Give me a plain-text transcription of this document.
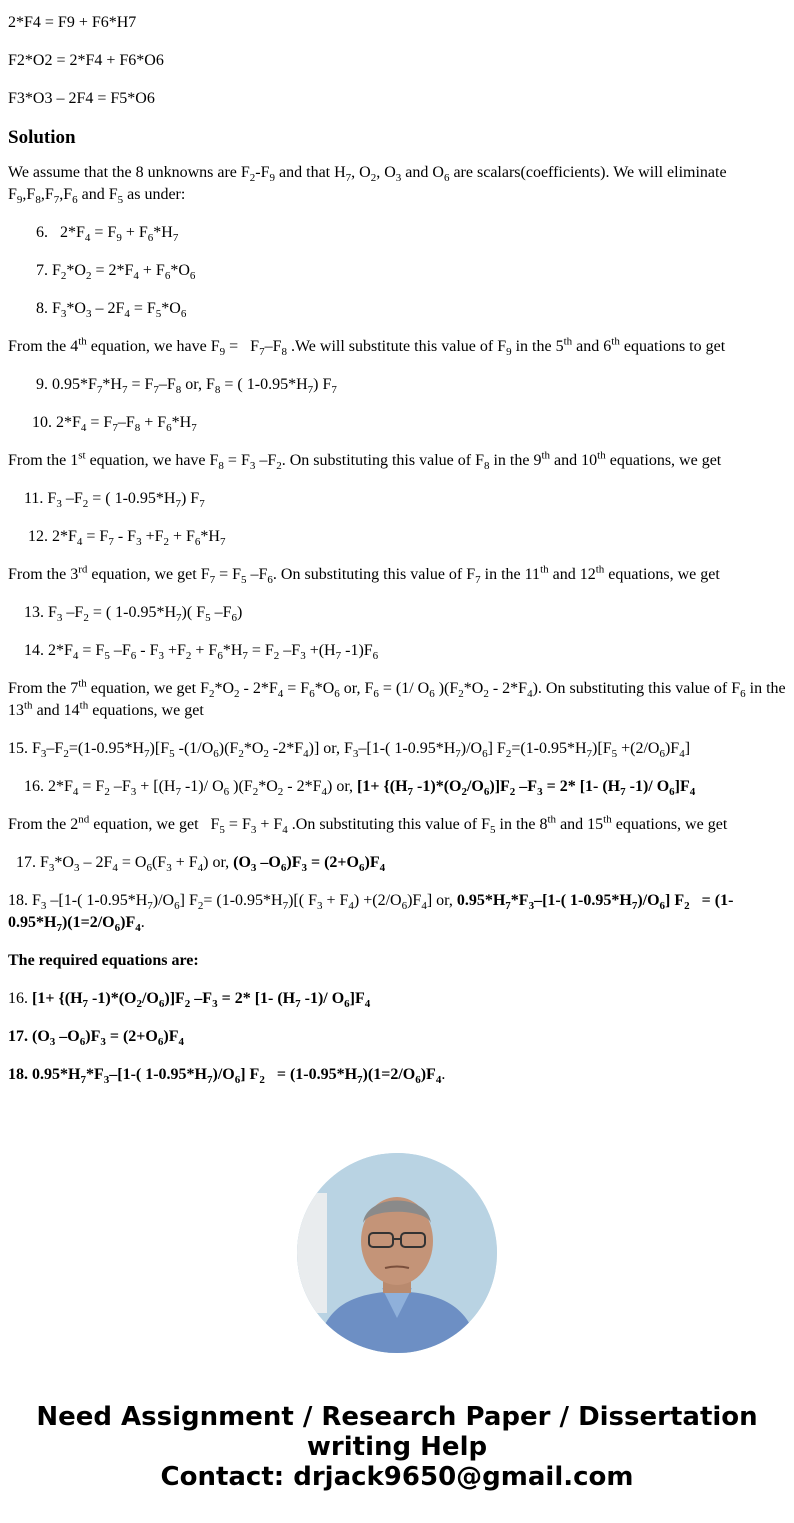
2*F4 = F9 + F6*H7

F2*O2 = 2*F4 + F6*O6

F3*O3 – 2F4 = F5*O6

Solution

We assume that the 8 unknowns are $F_2-F_9$ and that $H_7$, $O_2$, $O_3$ and $O_6$ are scalars(coefficients). We will eliminate $F_9,F_8,F_7,F_6$ and $F_5$ as under:

6.   $2*F_4 = F_9 + F_6*H_7$

7. $F_2*O_2 = 2*F_4 + F_6*O_6$

8. $F_3*O_3 - 2F_4 = F_5*O_6$

From the 4th equation, we have $F_9 = F_7-F_8$ .We will substitute this value of $F_9$ in the 5th and 6th equations to get

9. $0.95*F_7*H_7 = F_7-F_8$ or, $F_8$ = ( $1-0.95*H_7$) $F_7$

10. $2*F_4 = F_7-F_8 + F_6*H_7$

From the 1st equation, we have $F_8 = F_3$ $-F_2$. On substituting this value of $F_8$ in the 9th and 10th equations, we get

11. $F_3$ $-F_2$ = ( $1-0.95*H_7$) $F_7$

12. $2*F_4 = F_7 - F_3 +F_2 + F_6*H_7$

From the 3rd equation, we get $F_7 = F_5$ $-F_6$. On substituting this value of $F_7$ in the 11th and 12th equations, we get

13. $F_3$ $-F_2$ = ( $1-0.95*H_7$)( $F_5$ $-F_6$)

14. $2*F_4 = F_5$ $-F_6 - F_3 +F_2 + F_6*H_7 = F_2$ $-F_3 +(H_7$ $-1)F_6$

From the 7th equation, we get $F_2*O_2 - 2*F_4 = F_6*O_6$ or, $F_6 = (1/$ $O_6$ )$(F_2*O_2 - 2*F_4)$. On substituting this value of $F_6$ in the 13th and 14th equations, we get

15. $F_3-F_2=(1-0.95*H_7)[F_5$ $-(1/O_6)(F_2*O_2$ $-2*F_4$)] or, $F_3-[1-$( $1-0.95*H_7)/O_6$] $F_2=(1-0.95*H_7)[F_5 +(2/O_6)F_4]$

16. $2*F_4 = F_2$ $-F_3 + [(H_7$ -1)/ $O_6$ )$(F_2*O_2 - 2*F_4)$ or, [$1+ \{(H_7$ $-1)*(O_2/O_6)]F_2$ $-F_3 = 2*$ [1- ($H_7$ -1)/ $O_6]F_4$

From the 2nd equation, we get   $F_5 = F_3 + F_4$ .On substituting this value of $F_5$ in the 8th and 15th equations, we get

17. $F_3*O_3 - 2F_4 = O_6(F_3 + F_4)$ or, ($O_3$ $-O_6)F_3 = (2+O_6)F_4$

18. $F_3$ –[1-( $1-0.95*H_7)/O_6$] $F_2= (1-0.95*H_7)$[( $F_3 + F_4) +(2/O_6)F_4$] or, $0.95*H_7*F_3-[1-$( $1-0.95*H_7)/O_6$] $F_2 = (1-0.95*H_7)(1=2/O_6)F_4$.

The required equations are:

16. [$1+ \{(H_7$ $-1)*(O_2/O_6)]F_2$ $-F_3 = 2*$ [1- ($H_7$ -1)/ $O_6]F_4$

17. ($O_3$ $-O_6)F_3 = (2+O_6)F_4$

18. $0.95*H_7*F_3-[1-$( $1-0.95*H_7)/O_6$] $F_2 = (1-0.95*H_7)(1=2/O_6)F_4$.

Need Assignment / Research Paper / Dissertation
writing Help
Contact: drjack9650@gmail.com
